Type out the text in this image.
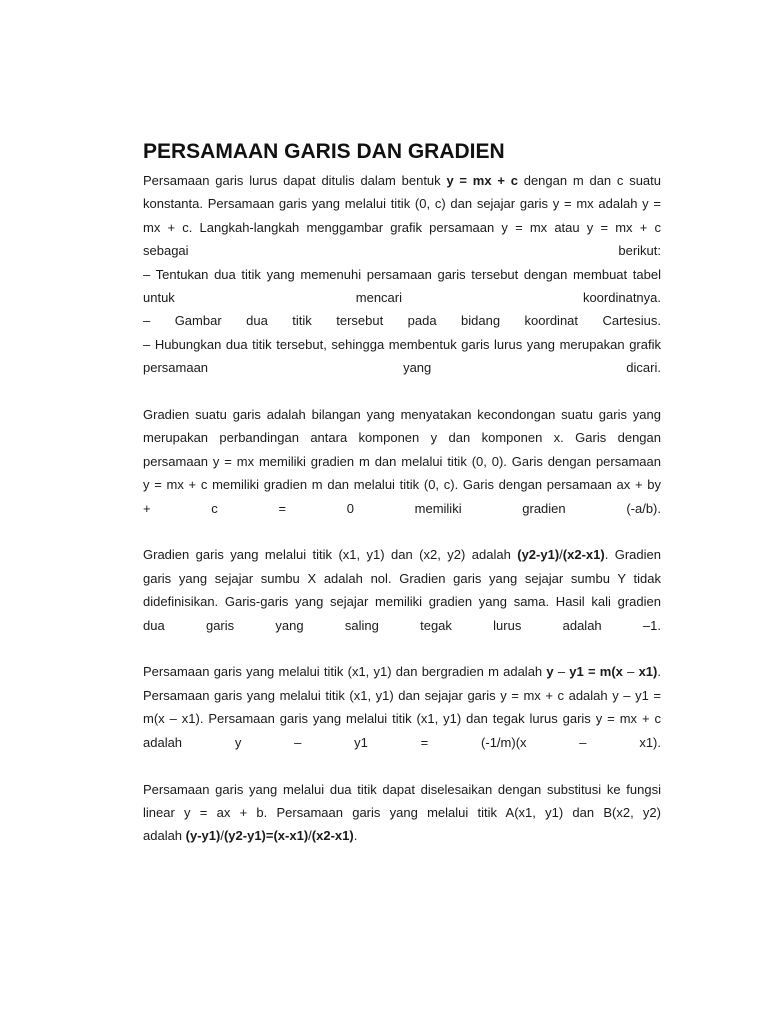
PERSAMAAN GARIS DAN GRADIEN
Persamaan garis lurus dapat ditulis dalam bentuk y = mx + c dengan m dan c suatu
konstanta. Persamaan garis yang melalui titik (0, c) dan sejajar garis y = mx adalah y =
mx + c. Langkah-langkah menggambar grafik persamaan y = mx atau y = mx + c
sebagai berikut:
– Tentukan dua titik yang memenuhi persamaan garis tersebut dengan membuat tabel
untuk mencari koordinatnya.
– Gambar dua titik tersebut pada bidang koordinat Cartesius.
– Hubungkan dua titik tersebut, sehingga membentuk garis lurus yang merupakan grafik
persamaan yang dicari.
Gradien suatu garis adalah bilangan yang menyatakan kecondongan suatu garis yang
merupakan perbandingan antara komponen y dan komponen x. Garis dengan
persamaan y = mx memiliki gradien m dan melalui titik (0, 0). Garis dengan persamaan
y = mx + c memiliki gradien m dan melalui titik (0, c). Garis dengan persamaan ax + by
+ c = 0 memiliki gradien (-a/b).
Gradien garis yang melalui titik (x1, y1) dan (x2, y2) adalah (y2-y1)/(x2-x1). Gradien
garis yang sejajar sumbu X adalah nol. Gradien garis yang sejajar sumbu Y tidak
didefinisikan. Garis-garis yang sejajar memiliki gradien yang sama. Hasil kali gradien
dua garis yang saling tegak lurus adalah –1.
Persamaan garis yang melalui titik (x1, y1) dan bergradien m adalah y – y1 = m(x – x1).
Persamaan garis yang melalui titik (x1, y1) dan sejajar garis y = mx + c adalah y – y1 =
m(x – x1). Persamaan garis yang melalui titik (x1, y1) dan tegak lurus garis y = mx + c
adalah y – y1 = (-1/m)(x – x1).
Persamaan garis yang melalui dua titik dapat diselesaikan dengan substitusi ke fungsi
linear y = ax + b. Persamaan garis yang melalui titik A(x1, y1) dan B(x2, y2)
adalah (y-y1)/(y2-y1)=(x-x1)/(x2-x1).
